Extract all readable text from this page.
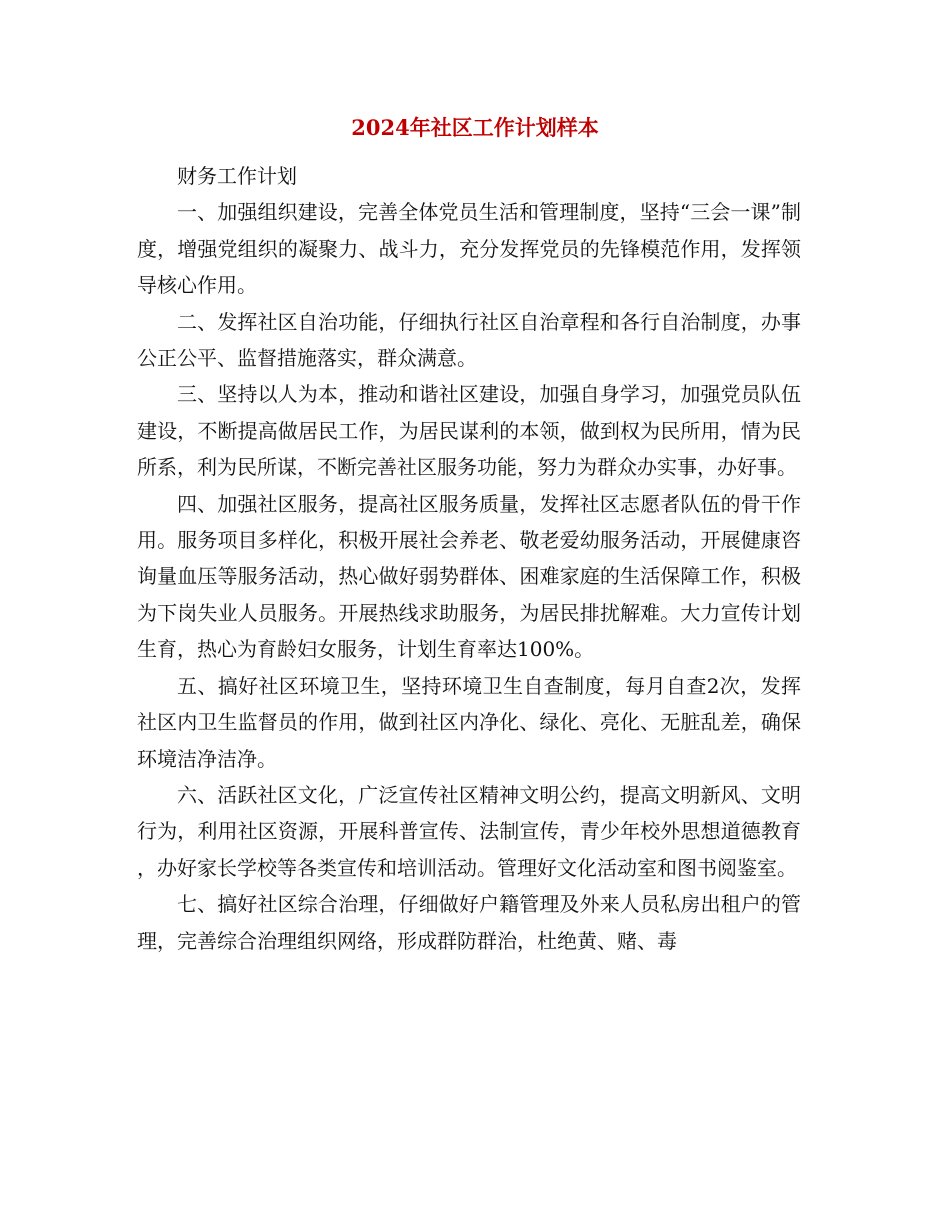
2024年社区工作计划样本

财务工作计划

一、加强组织建设，完善全体党员生活和管理制度，坚持“三会一课”制度，增强党组织的凝聚力、战斗力，充分发挥党员的先锋模范作用，发挥领导核心作用。

二、发挥社区自治功能，仔细执行社区自治章程和各行自治制度，办事公正公平、监督措施落实，群众满意。

三、坚持以人为本，推动和谐社区建设，加强自身学习，加强党员队伍建设，不断提高做居民工作，为居民谋利的本领，做到权为民所用，情为民所系，利为民所谋，不断完善社区服务功能，努力为群众办实事，办好事。

四、加强社区服务，提高社区服务质量，发挥社区志愿者队伍的骨干作用。服务项目多样化，积极开展社会养老、敬老爱幼服务活动，开展健康咨询量血压等服务活动，热心做好弱势群体、困难家庭的生活保障工作，积极为下岗失业人员服务。开展热线求助服务，为居民排扰解难。大力宣传计划生育，热心为育龄妇女服务，计划生育率达100%。

五、搞好社区环境卫生，坚持环境卫生自查制度，每月自查2次，发挥社区内卫生监督员的作用，做到社区内净化、绿化、亮化、无脏乱差，确保环境洁净洁净。

六、活跃社区文化，广泛宣传社区精神文明公约，提高文明新风、文明行为，利用社区资源，开展科普宣传、法制宣传，青少年校外思想道德教育，办好家长学校等各类宣传和培训活动。管理好文化活动室和图书阅鉴室。

七、搞好社区综合治理，仔细做好户籍管理及外来人员私房出租户的管理，完善综合治理组织网络，形成群防群治，杜绝黄、赌、毒
